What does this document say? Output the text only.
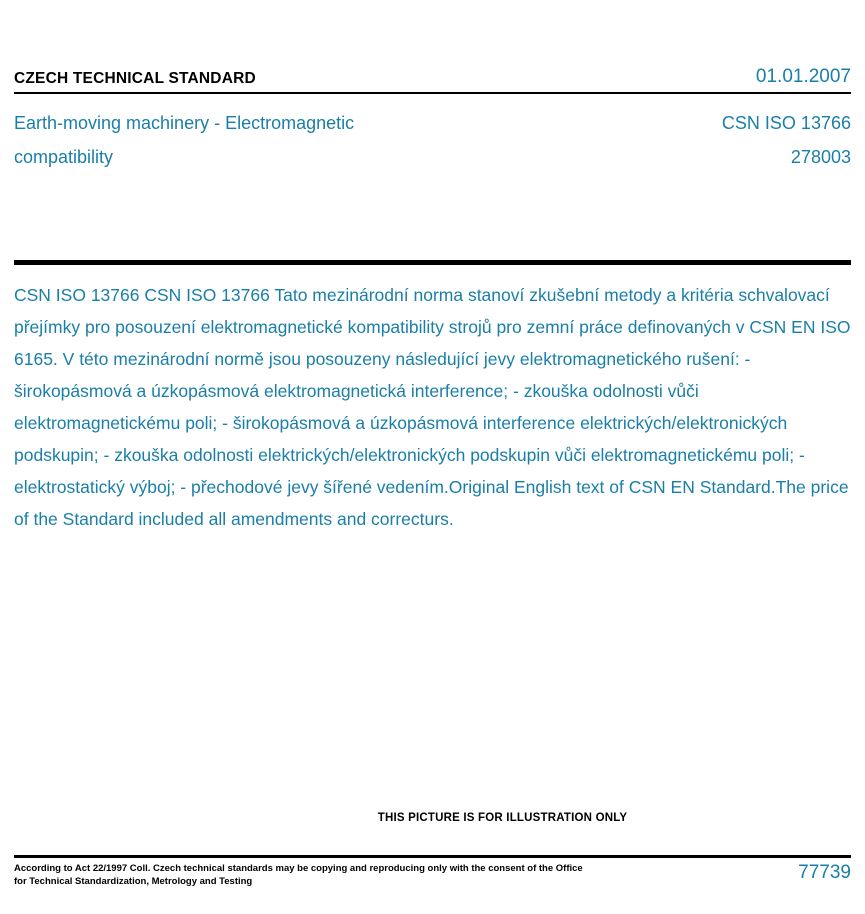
CZECH TECHNICAL STANDARD	01.01.2007
Earth-moving machinery - Electromagnetic
compatibility
CSN ISO 13766
278003

CSN ISO 13766 CSN ISO 13766 Tato mezinárodní norma stanoví zkušební metody a kritéria schvalovací přejímky pro posouzení elektromagnetické kompatibility strojů pro zemní práce definovaných v CSN EN ISO 6165. V této mezinárodní normě jsou posouzeny následující jevy elektromagnetického rušení: - širokopásmová a úzkopásmová elektromagnetická interference; - zkouška odolnosti vůči elektromagnetickému poli; - širokopásmová a úzkopásmová interference elektrických/elektronických podskupin; - zkouška odolnosti elektrických/elektronických podskupin vůči elektromagnetickému poli; - elektrostatický výboj; - přechodové jevy šířené vedením.Original English text of CSN EN Standard.The price of the Standard included all amendments and correcturs.

THIS PICTURE IS FOR ILLUSTRATION ONLY
According to Act 22/1997 Coll. Czech technical standards may be copying and reproducing only with the consent of the Office
for Technical Standardization, Metrology and Testing	77739
